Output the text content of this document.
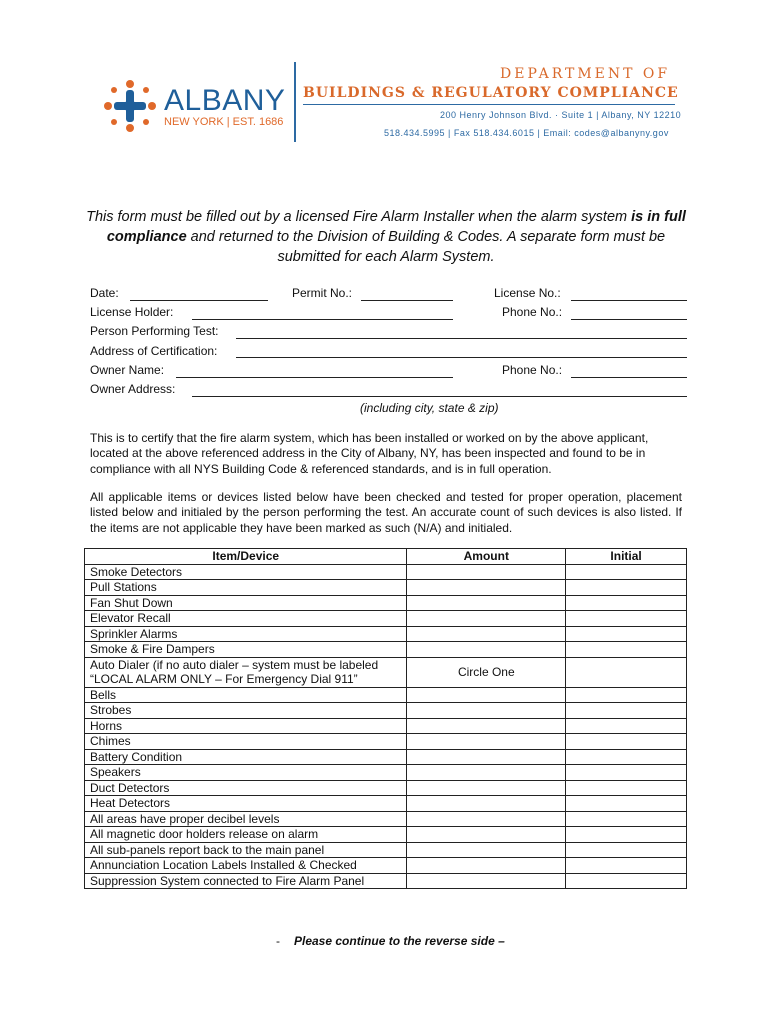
ALBANY
NEW YORK | EST. 1686
DEPARTMENT OF
BUILDINGS & REGULATORY COMPLIANCE
200 Henry Johnson Blvd. · Suite 1 | Albany, NY 12210
518.434.5995 | Fax 518.434.6015 | Email: codes@albanyny.gov
This form must be filled out by a licensed Fire Alarm Installer when the alarm system is in full compliance and returned to the Division of Building & Codes. A separate form must be submitted for each Alarm System.
Date:	Permit No.:	License No.:
License Holder:	Phone No.:
Person Performing Test:
Address of Certification:
Owner Name:	Phone No.:
Owner Address:
(including city, state & zip)
This is to certify that the fire alarm system, which has been installed or worked on by the above applicant, located at the above referenced address in the City of Albany, NY, has been inspected and found to be in compliance with all NYS Building Code & referenced standards, and is in full operation.
All applicable items or devices listed below have been checked and tested for proper operation, placement listed below and initialed by the person performing the test. An accurate count of such devices is also listed. If the items are not applicable they have been marked as such (N/A) and initialed.
Item/Device	Amount	Initial
Smoke Detectors		
Pull Stations		
Fan Shut Down		
Elevator Recall		
Sprinkler Alarms		
Smoke & Fire Dampers		

Auto Dialer (if no auto dialer – system must be labeled
“LOCAL ALARM ONLY – For Emergency Dial 911”	Circle One	
Bells		
Strobes		
Horns		
Chimes		
Battery Condition		
Speakers		
Duct Detectors		
Heat Detectors		
All areas have proper decibel levels		
All magnetic door holders release on alarm		
All sub-panels report back to the main panel		
Annunciation Location Labels Installed & Checked		
Suppression System connected to Fire Alarm Panel		
- Please continue to the reverse side –
